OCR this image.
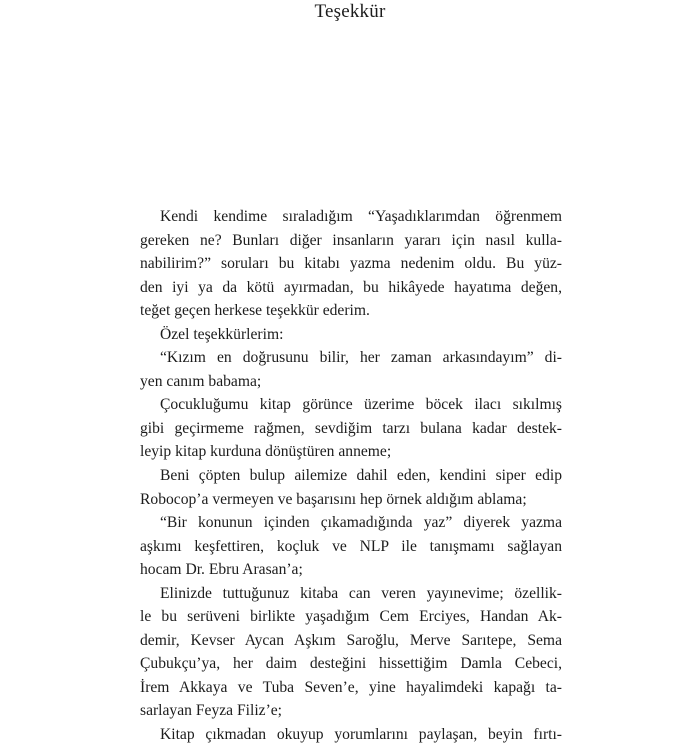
Teşekkür
Kendi kendime sıraladığım “Yaşadıklarımdan öğrenmem
gereken ne? Bunları diğer insanların yararı için nasıl kulla-
nabilirim?” soruları bu kitabı yazma nedenim oldu. Bu yüz-
den iyi ya da kötü ayırmadan, bu hikâyede hayatıma değen,
teğet geçen herkese teşekkür ederim.
Özel teşekkürlerim:
“Kızım en doğrusunu bilir, her zaman arkasındayım” di-
yen canım babama;
Çocukluğumu kitap görünce üzerime böcek ilacı sıkılmış
gibi geçirmeme rağmen, sevdiğim tarzı bulana kadar destek-
leyip kitap kurduna dönüştüren anneme;
Beni çöpten bulup ailemize dahil eden, kendini siper edip
Robocop’a vermeyen ve başarısını hep örnek aldığım ablama;
“Bir konunun içinden çıkamadığında yaz” diyerek yazma
aşkımı keşfettiren, koçluk ve NLP ile tanışmamı sağlayan
hocam Dr. Ebru Arasan’a;
Elinizde tuttuğunuz kitaba can veren yayınevime; özellik-
le bu serüveni birlikte yaşadığım Cem Erciyes, Handan Ak-
demir, Kevser Aycan Aşkım Saroğlu, Merve Sarıtepe, Sema
Çubukçu’ya, her daim desteğini hissettiğim Damla Cebeci,
İrem Akkaya ve Tuba Seven’e, yine hayalimdeki kapağı ta-
sarlayan Feyza Filiz’e;
Kitap çıkmadan okuyup yorumlarını paylaşan, beyin fırtı-
